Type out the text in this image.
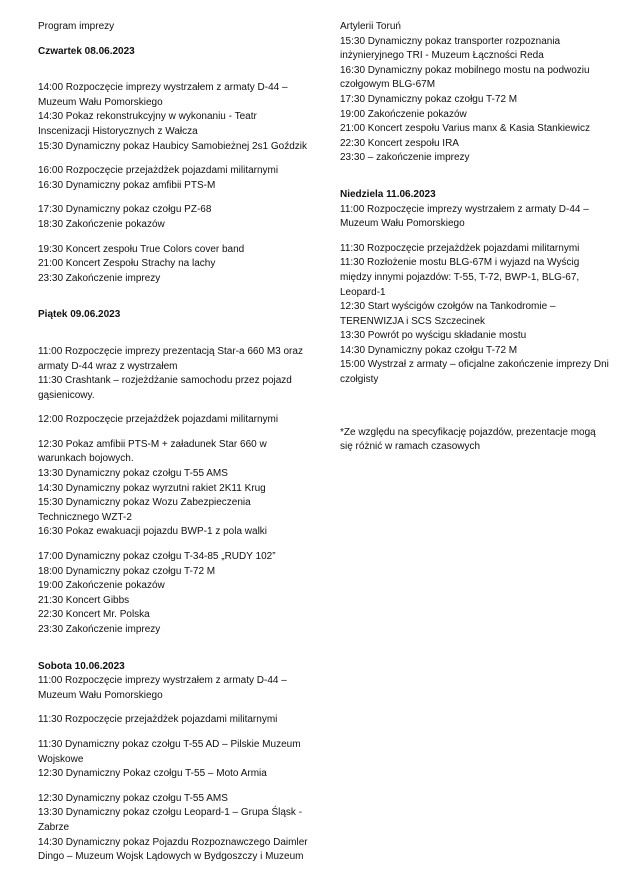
Program imprezy
Czwartek 08.06.2023
14:00 Rozpoczęcie imprezy wystrzałem z armaty D-44 –
Muzeum Wału Pomorskiego
14:30 Pokaz rekonstrukcyjny w wykonaniu - Teatr
Inscenizacji Historycznych z Wałcza
15:30 Dynamiczny pokaz Haubicy Samobieżnej 2s1 Goździk
16:00 Rozpoczęcie przejażdżek pojazdami militarnymi
16:30 Dynamiczny pokaz amfibii PTS-M
17:30 Dynamiczny pokaz czołgu PZ-68
18:30 Zakończenie pokazów
19:30 Koncert zespołu True Colors cover band
21:00 Koncert Zespołu Strachy na lachy
23:30 Zakończenie imprezy
Piątek 09.06.2023
11:00 Rozpoczęcie imprezy prezentacją Star-a 660 M3 oraz
armaty D-44 wraz z wystrzałem
11:30 Crashtank – rozjeżdżanie samochodu przez pojazd
gąsienicowy.
12:00 Rozpoczęcie przejażdżek pojazdami militarnymi
12:30 Pokaz amfibii PTS-M + załadunek Star 660 w
warunkach bojowych.
13:30 Dynamiczny pokaz czołgu T-55 AMS
14:30 Dynamiczny pokaz wyrzutni rakiet 2K11 Krug
15:30 Dynamiczny pokaz Wozu Zabezpieczenia
Technicznego WZT-2
16:30 Pokaz ewakuacji pojazdu BWP-1 z pola walki
17:00 Dynamiczny pokaz czołgu T-34-85 „RUDY 102”
18:00 Dynamiczny pokaz czołgu T-72 M
19:00 Zakończenie pokazów
21:30 Koncert Gibbs
22:30 Koncert Mr. Polska
23:30 Zakończenie imprezy
Sobota 10.06.2023
11:00 Rozpoczęcie imprezy wystrzałem z armaty D-44 –
Muzeum Wału Pomorskiego
11:30 Rozpoczęcie przejażdżek pojazdami militarnymi
11:30 Dynamiczny pokaz czołgu T-55 AD – Pilskie Muzeum
Wojskowe
12:30 Dynamiczny Pokaz czołgu T-55 – Moto Armia
12:30 Dynamiczny pokaz czołgu T-55 AMS
13:30 Dynamiczny pokaz czołgu Leopard-1 – Grupa Śląsk -
Zabrze
14:30 Dynamiczny pokaz Pojazdu Rozpoznawczego Daimler
Dingo – Muzeum Wojsk Lądowych w Bydgoszczy i Muzeum
Artylerii Toruń
15:30 Dynamiczny pokaz transporter rozpoznania
inżynieryjnego TRI - Muzeum Łączności Reda
16:30 Dynamiczny pokaz mobilnego mostu na podwoziu
czołgowym BLG-67M
17:30 Dynamiczny pokaz czołgu T-72 M
19:00 Zakończenie pokazów
21:00 Koncert zespołu Varius manx & Kasia Stankiewicz
22:30 Koncert zespołu IRA
23:30 – zakończenie imprezy
Niedziela 11.06.2023
11:00 Rozpoczęcie imprezy wystrzałem z armaty D-44 –
Muzeum Wału Pomorskiego
11:30 Rozpoczęcie przejażdżek pojazdami militarnymi
11:30 Rozłożenie mostu BLG-67M i wyjazd na Wyścig
między innymi pojazdów: T-55, T-72, BWP-1, BLG-67,
Leopard-1
12:30 Start wyścigów czołgów na Tankodromie –
TERENWIZJA i SCS Szczecinek
13:30 Powrót po wyścigu składanie mostu
14:30 Dynamiczny pokaz czołgu T-72 M
15:00 Wystrzał z armaty – oficjalne zakończenie imprezy Dni
czołgisty
*Ze względu na specyfikację pojazdów, prezentacje mogą
się różnić w ramach czasowych
